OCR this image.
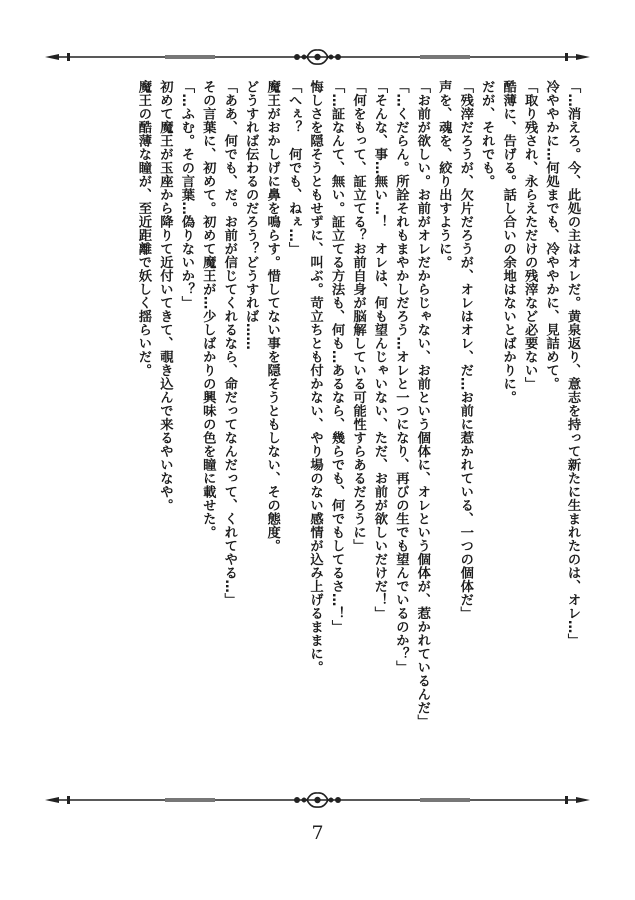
「…消えろ。今、此処の主はオレだ。黄泉返り、意志を持って新たに生まれたのは、オレ…」
冷ややかに…何処までも、冷ややかに、見詰めて。
「取り残され、永らえただけの残滓など必要ない」
酷薄に、告げる。話し合いの余地はないとばかりに。
だが、それでも。
「残滓だろうが、欠片だろうが、オレはオレ、だ…お前に惹かれている、一つの個体だ」
声を、魂を、絞り出すように。
「お前が欲しい。お前がオレだからじゃない、お前という個体に、オレという個体が、惹かれているんだ」
「…くだらん。所詮それもまやかしだろう…オレと一つになり、再びの生でも望んでいるのか？」
「そんな、事…無い…！　オレは、何も望んじゃいない、ただ、お前が欲しいだけだ！」
「何をもって、証立てる？お前自身が脳解している可能性すらあるだろうに」
「…証なんて、無い。証立てる方法も、何も…あるなら、幾らでも、何でもしてるさ…！」
悔しさを隠そうともせずに、叫ぶ。苛立ちとも付かない、やり場のない感情が込み上げるままに。
「へぇ？　何でも、ねぇ…」
魔王がおかしげに鼻を鳴らす。惜してない事を隠そうともしない、その態度。
どうすれば伝わるのだろう？どうすれば……
「ああ、何でも、だ。お前が信じてくれるなら、命だってなんだって、くれてやる…」
その言葉に、初めて。初めて魔王が…少しばかりの興味の色を瞳に載せた。
「…ふむ。その言葉…偽りないか？」
初めて魔王が玉座から降りて近付いてきて、覗き込んで来るやいなや。
魔王の酷薄な瞳が、至近距離で妖しく揺らいだ。
7
